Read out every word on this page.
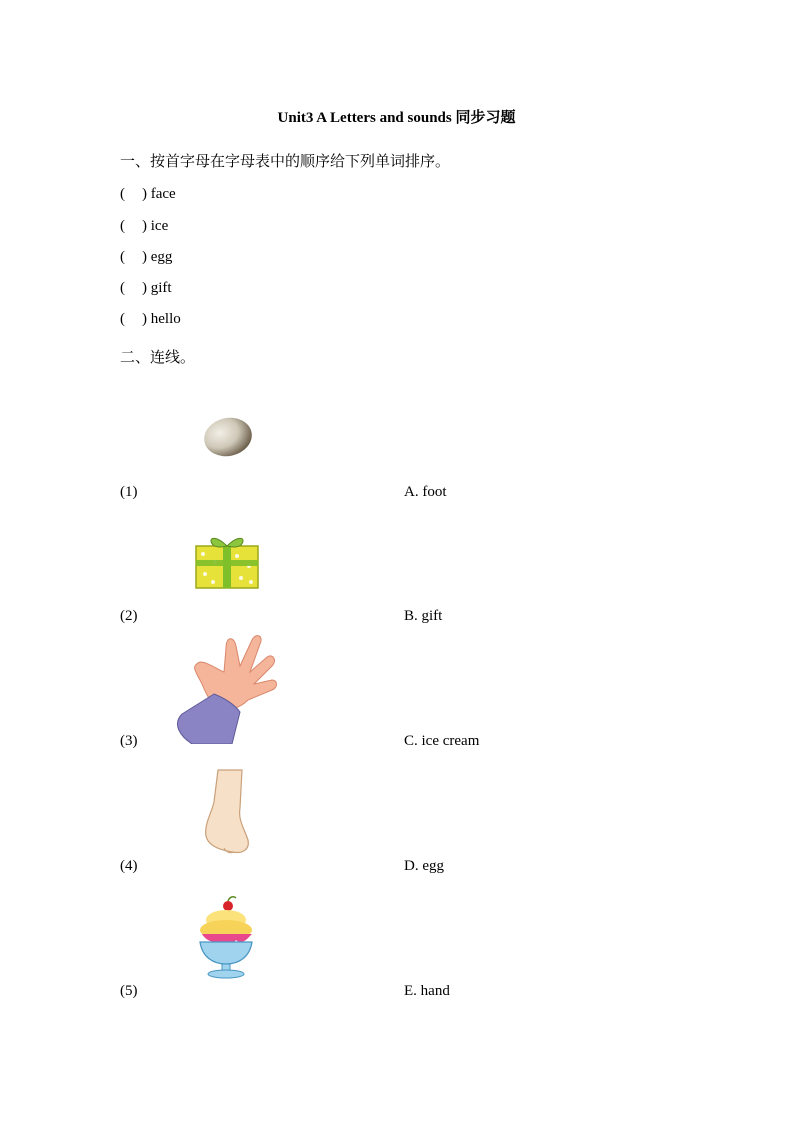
Unit3 A Letters and sounds 同步习题
一、按首字母在字母表中的顺序给下列单词排序。
( ) face
( ) ice
( ) egg
( ) gift
( ) hello
二、连线。
(1)	A. foot
(2)	B. gift
(3)	C. ice cream
(4)	D. egg
(5)	E. hand
